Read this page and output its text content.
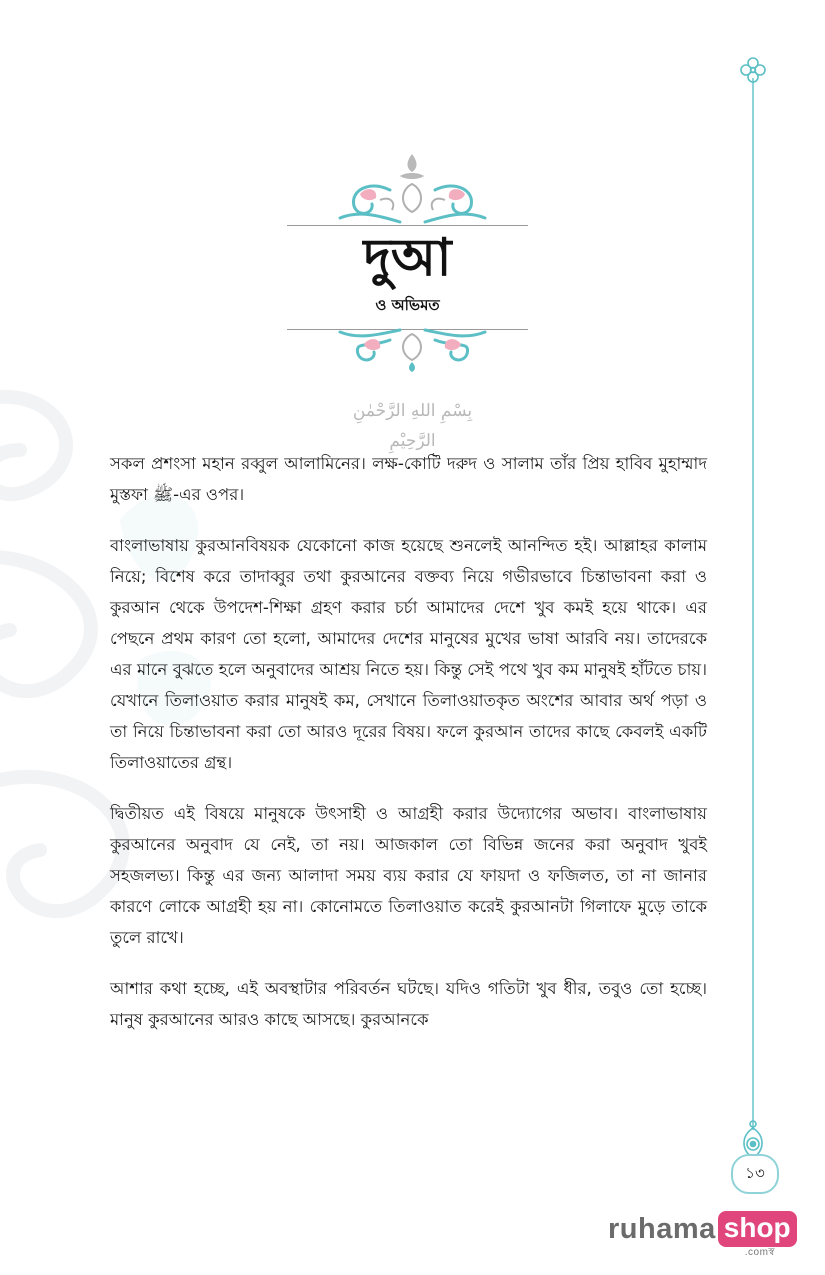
১৩
দুআ
ও অভিমত
بِسْمِ اللهِ الرَّحْمٰنِ الرَّحِيْمِ

সকল প্রশংসা মহান রব্বুল আলামিনের। লক্ষ-কোটি দরুদ ও সালাম তাঁর প্রিয় হাবিব মুহাম্মাদ মুস্তফা ﷺ-এর ওপর।

বাংলাভাষায় কুরআনবিষয়ক যেকোনো কাজ হয়েছে শুনলেই আনন্দিত হই। আল্লাহর কালাম নিয়ে; বিশেষ করে তাদাব্বুর তথা কুরআনের বক্তব্য নিয়ে গভীরভাবে চিন্তাভাবনা করা ও কুরআন থেকে উপদেশ-শিক্ষা গ্রহণ করার চর্চা আমাদের দেশে খুব কমই হয়ে থাকে। এর পেছনে প্রথম কারণ তো হলো, আমাদের দেশের মানুষের মুখের ভাষা আরবি নয়। তাদেরকে এর মানে বুঝতে হলে অনুবাদের আশ্রয় নিতে হয়। কিন্তু সেই পথে খুব কম মানুষই হাঁটতে চায়। যেখানে তিলাওয়াত করার মানুষই কম, সেখানে তিলাওয়াতকৃত অংশের আবার অর্থ পড়া ও তা নিয়ে চিন্তাভাবনা করা তো আরও দূরের বিষয়। ফলে কুরআন তাদের কাছে কেবলই একটি তিলাওয়াতের গ্রন্থ।

দ্বিতীয়ত এই বিষয়ে মানুষকে উৎসাহী ও আগ্রহী করার উদ্যোগের অভাব। বাংলাভাষায় কুরআনের অনুবাদ যে নেই, তা নয়। আজকাল তো বিভিন্ন জনের করা অনুবাদ খুবই সহজলভ্য। কিন্তু এর জন্য আলাদা সময় ব্যয় করার যে ফায়দা ও ফজিলত, তা না জানার কারণে লোকে আগ্রহী হয় না। কোনোমতে তিলাওয়াত করেই কুরআনটা গিলাফে মুড়ে তাকে তুলে রাখে।

আশার কথা হচ্ছে, এই অবস্থাটার পরিবর্তন ঘটছে। যদিও গতিটা খুব ধীর, তবুও তো হচ্ছে। মানুষ কুরআনের আরও কাছে আসছে। কুরআনকে

ruhama shop
.comস্ব
